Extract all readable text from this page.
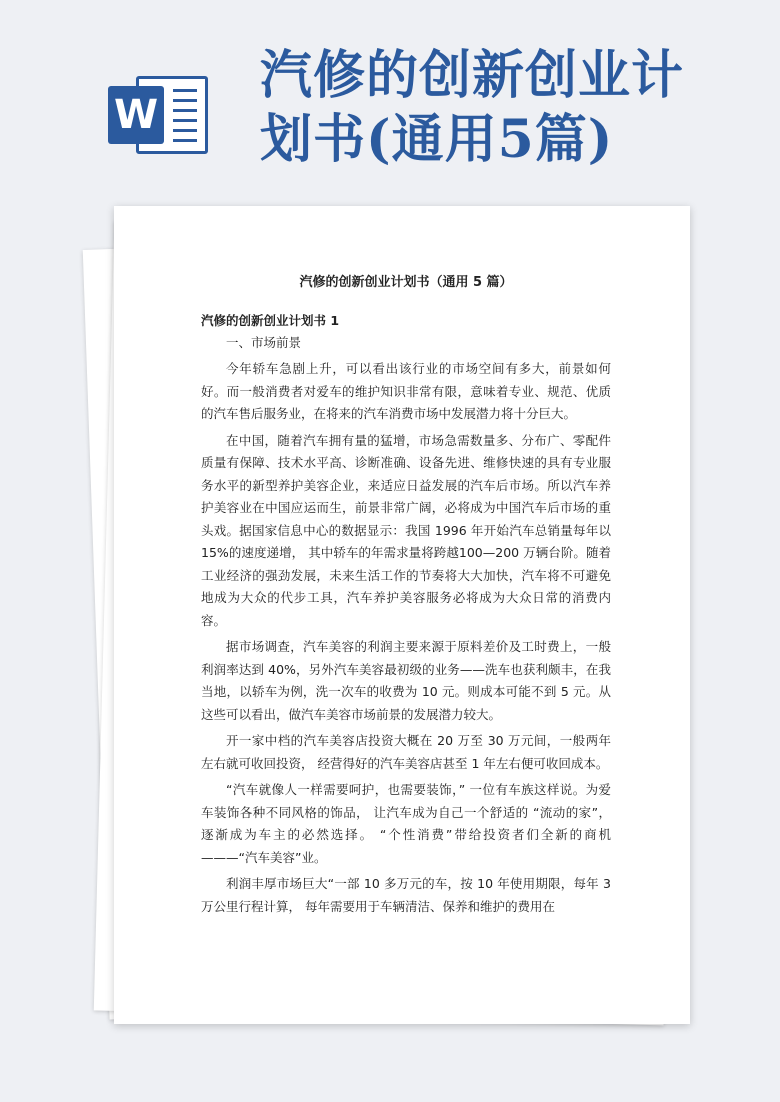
W
汽修的创新创业计
划书(通用5篇)
汽修的创新创业计划书（通用 5 篇）
汽修的创新创业计划书 1
一、市场前景

今年轿车急剧上升，可以看出该行业的市场空间有多大，前景如何好。而一般消费者对爱车的维护知识非常有限，意味着专业、规范、优质的汽车售后服务业，在将来的汽车消费市场中发展潜力将十分巨大。

在中国，随着汽车拥有量的猛增，市场急需数量多、分布广、零配件质量有保障、技术水平高、诊断准确、设备先进、维修快速的具有专业服务水平的新型养护美容企业，来适应日益发展的汽车后市场。所以汽车养护美容业在中国应运而生，前景非常广阔，必将成为中国汽车后市场的重头戏。据国家信息中心的数据显示：我国 1996 年开始汽车总销量每年以 15%的速度递增， 其中轿车的年需求量将跨越100—200 万辆台阶。随着工业经济的强劲发展，未来生活工作的节奏将大大加快，汽车将不可避免地成为大众的代步工具，汽车养护美容服务必将成为大众日常的消费内容。

据市场调查，汽车美容的利润主要来源于原料差价及工时费上，一般利润率达到 40%，另外汽车美容最初级的业务——洗车也获利颇丰，在我当地，以轿车为例，洗一次车的收费为 10 元。则成本可能不到 5 元。从这些可以看出，做汽车美容市场前景的发展潜力较大。

开一家中档的汽车美容店投资大概在 20 万至 30 万元间，一般两年左右就可收回投资， 经营得好的汽车美容店甚至 1 年左右便可收回成本。

“汽车就像人一样需要呵护，也需要装饰，” 一位有车族这样说。为爱车装饰各种不同风格的饰品， 让汽车成为自己一个舒适的 “流动的家”， 逐渐成为车主的必然选择。 “个性消费”带给投资者们全新的商机———“汽车美容”业。

利润丰厚市场巨大“一部 10 多万元的车，按 10 年使用期限，每年 3 万公里行程计算， 每年需要用于车辆清洁、保养和维护的费用在
